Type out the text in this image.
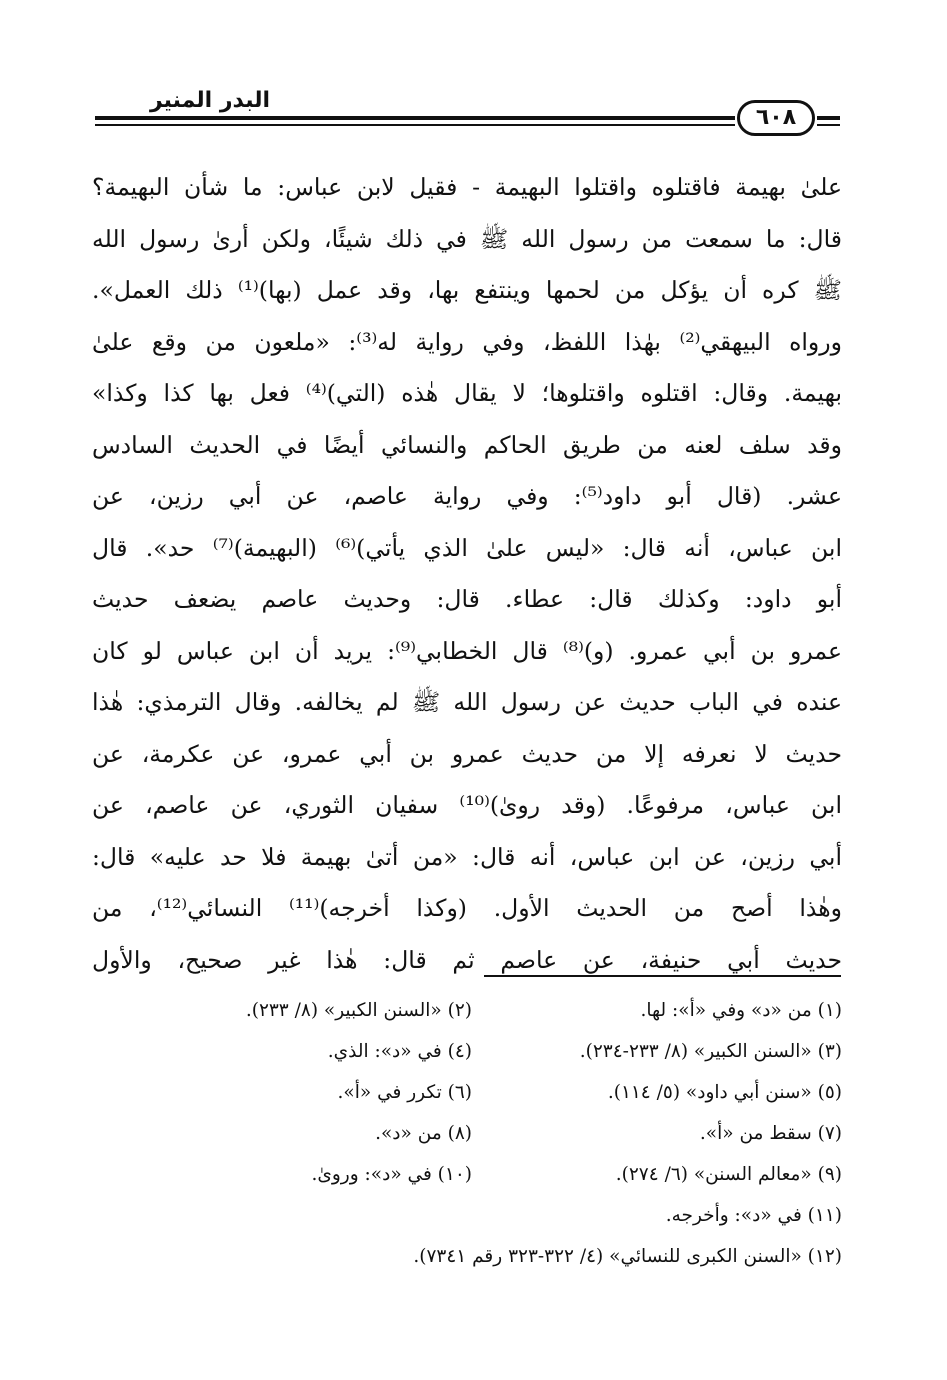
البدر المنير
٦٠٨
علىٰ بهيمة فاقتلوه واقتلوا البهيمة - فقيل لابن عباس: ما شأن البهيمة؟
قال: ما سمعت من رسول الله ﷺ في ذلك شيئًا، ولكن أرىٰ رسول الله
ﷺ كره أن يؤكل من لحمها وينتفع بها، وقد عمل (بها)⁽¹⁾ ذلك العمل».
ورواه البيهقي⁽²⁾ بهٰذا اللفظ، وفي رواية له⁽³⁾: «ملعون من وقع علىٰ
بهيمة. وقال: اقتلوه واقتلوها؛ لا يقال هٰذه (التي)⁽⁴⁾ فعل بها كذا وكذا»
وقد سلف لعنه من طريق الحاكم والنسائي أيضًا في الحديث السادس
عشر. (قال أبو داود⁽⁵⁾: وفي رواية عاصم، عن أبي رزين، عن
ابن عباس، أنه قال: «ليس علىٰ الذي يأتي)⁽⁶⁾ (البهيمة)⁽⁷⁾ حد». قال
أبو داود: وكذلك قال: عطاء. قال: وحديث عاصم يضعف حديث
عمرو بن أبي عمرو. (و)⁽⁸⁾ قال الخطابي⁽⁹⁾: يريد أن ابن عباس لو كان
عنده في الباب حديث عن رسول الله ﷺ لم يخالفه. وقال الترمذي: هٰذا
حديث لا نعرفه إلا من حديث عمرو بن أبي عمرو، عن عكرمة، عن
ابن عباس، مرفوعًا. (وقد روىٰ)⁽¹⁰⁾ سفيان الثوري، عن عاصم، عن
أبي رزين، عن ابن عباس، أنه قال: «من أتىٰ بهيمة فلا حد عليه» قال:
وهٰذا أصح من الحديث الأول. (وكذا أخرجه)⁽¹¹⁾ النسائي⁽¹²⁾، من
حديث أبي حنيفة، عن عاصم ثم قال: هٰذا غير صحيح، والأول
(١) من «د» وفي «أ»: لها.
(٢) «السنن الكبير» (٨/ ٢٣٣).
(٣) «السنن الكبير» (٨/ ٢٣٣-٢٣٤).
(٤) في «د»: الذي.
(٥) «سنن أبي داود» (٥/ ١١٤).
(٦) تكرر في «أ».
(٧) سقط من «أ».
(٨) من «د».
(٩) «معالم السنن» (٦/ ٢٧٤).
(١٠) في «د»: وروىٰ.
(١١) في «د»: وأخرجه.
(١٢) «السنن الكبرى للنسائي» (٤/ ٣٢٢-٣٢٣ رقم ٧٣٤١).
